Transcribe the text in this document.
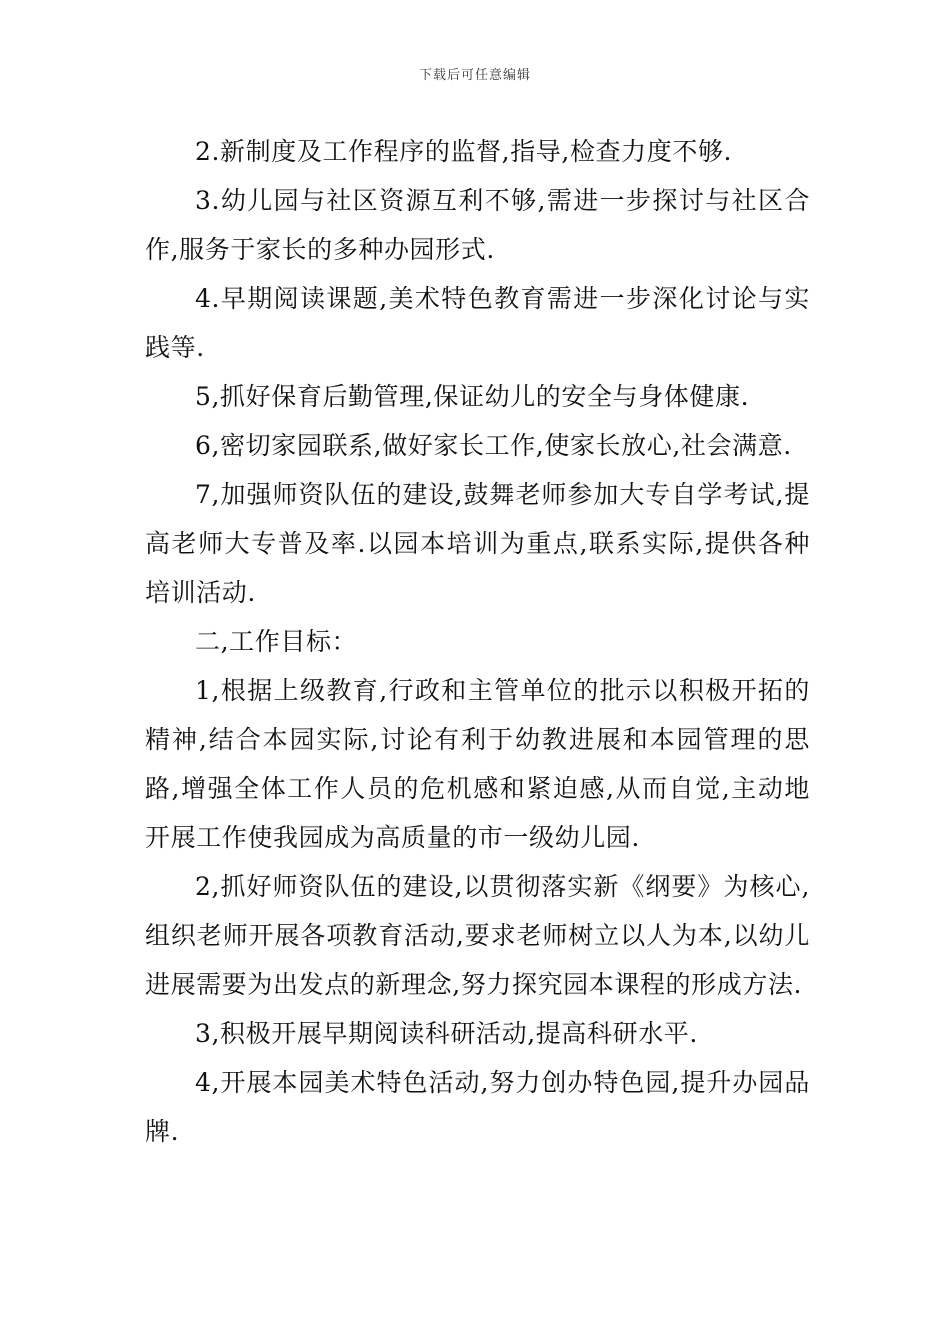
下载后可任意编辑

2.新制度及工作程序的监督,指导,检查力度不够.

3.幼儿园与社区资源互利不够,需进一步探讨与社区合作,服务于家长的多种办园形式.

4.早期阅读课题,美术特色教育需进一步深化讨论与实践等.

5,抓好保育后勤管理,保证幼儿的安全与身体健康.

6,密切家园联系,做好家长工作,使家长放心,社会满意.

7,加强师资队伍的建设,鼓舞老师参加大专自学考试,提高老师大专普及率.以园本培训为重点,联系实际,提供各种培训活动.

二,工作目标：

1,根据上级教育,行政和主管单位的批示以积极开拓的精神,结合本园实际,讨论有利于幼教进展和本园管理的思路,增强全体工作人员的危机感和紧迫感,从而自觉,主动地开展工作使我园成为高质量的市一级幼儿园.

2,抓好师资队伍的建设,以贯彻落实新《纲要》为核心,组织老师开展各项教育活动,要求老师树立以人为本,以幼儿进展需要为出发点的新理念,努力探究园本课程的形成方法.

3,积极开展早期阅读科研活动,提高科研水平.

4,开展本园美术特色活动,努力创办特色园,提升办园品牌.
